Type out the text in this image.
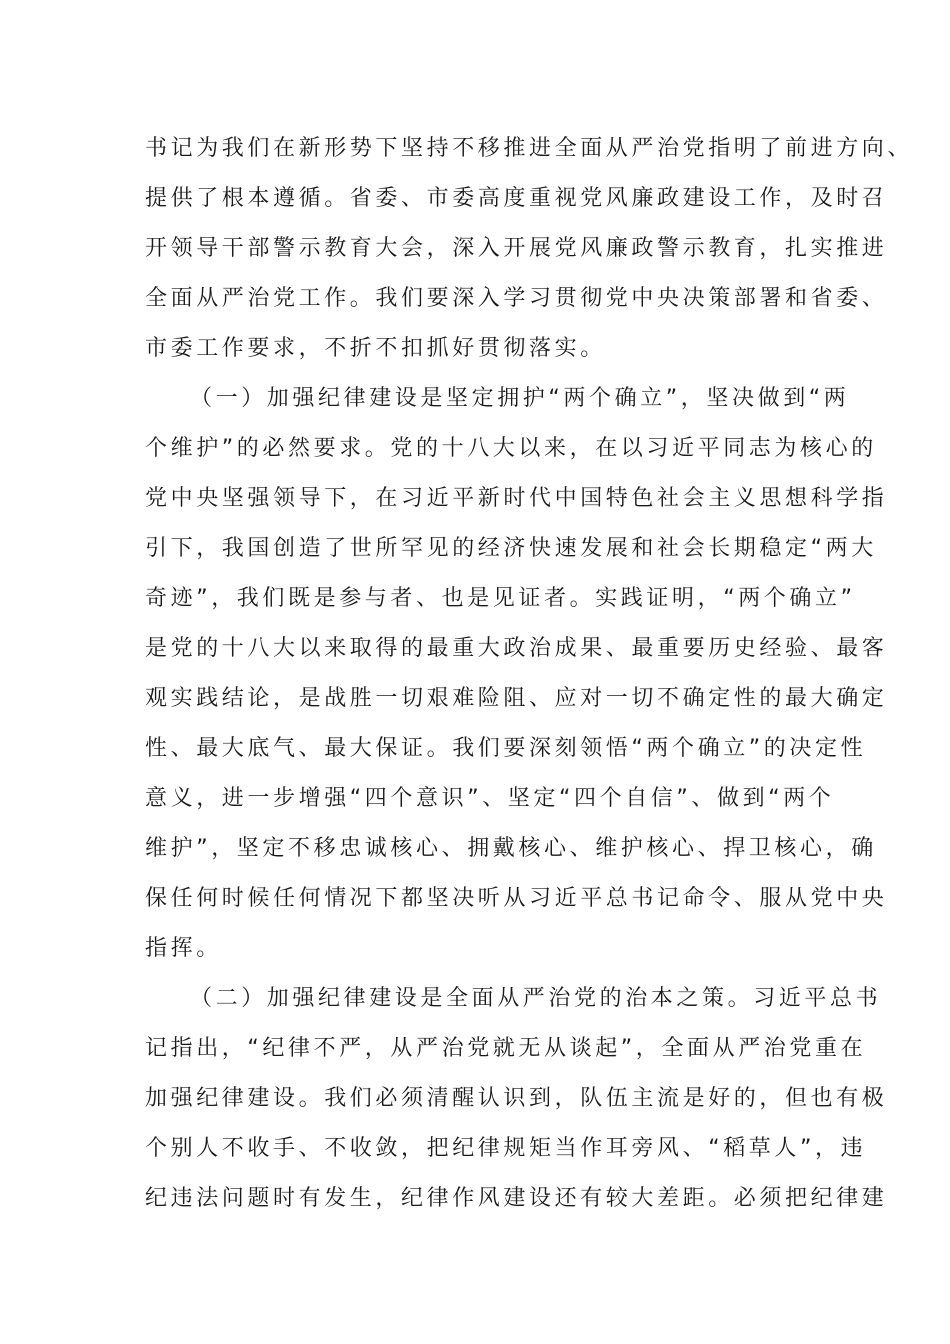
书记为我们在新形势下坚持不移推进全面从严治党指明了前进方向、
提供了根本遵循。省委、市委高度重视党风廉政建设工作，及时召
开领导干部警示教育大会，深入开展党风廉政警示教育，扎实推进
全面从严治党工作。我们要深入学习贯彻党中央决策部署和省委、
市委工作要求，不折不扣抓好贯彻落实。
（一）加强纪律建设是坚定拥护“两个确立”，坚决做到“两
个维护”的必然要求。党的十八大以来，在以习近平同志为核心的
党中央坚强领导下，在习近平新时代中国特色社会主义思想科学指
引下，我国创造了世所罕见的经济快速发展和社会长期稳定“两大
奇迹”，我们既是参与者、也是见证者。实践证明，“两个确立”
是党的十八大以来取得的最重大政治成果、最重要历史经验、最客
观实践结论，是战胜一切艰难险阻、应对一切不确定性的最大确定
性、最大底气、最大保证。我们要深刻领悟“两个确立”的决定性
意义，进一步增强“四个意识”、坚定“四个自信”、做到“两个
维护”，坚定不移忠诚核心、拥戴核心、维护核心、捍卫核心，确
保任何时候任何情况下都坚决听从习近平总书记命令、服从党中央
指挥。
（二）加强纪律建设是全面从严治党的治本之策。习近平总书
记指出，“纪律不严，从严治党就无从谈起”，全面从严治党重在
加强纪律建设。我们必须清醒认识到，队伍主流是好的，但也有极
个别人不收手、不收敛，把纪律规矩当作耳旁风、“稻草人”，违
纪违法问题时有发生，纪律作风建设还有较大差距。必须把纪律建
